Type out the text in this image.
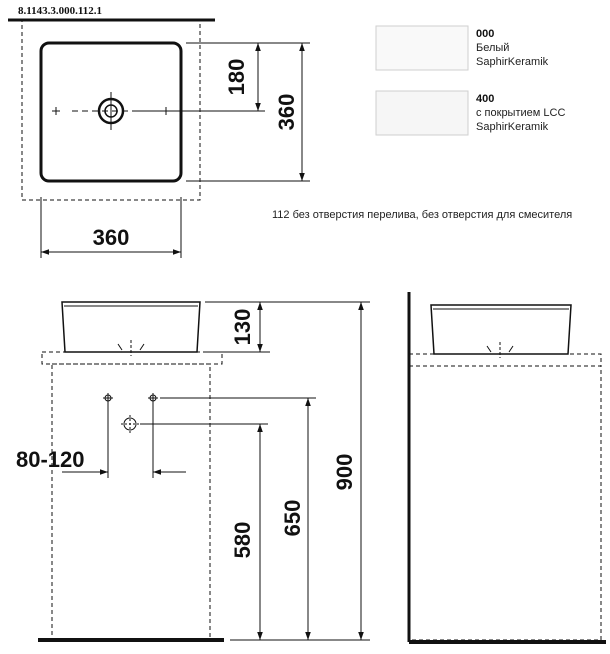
8.1143.3.000.112.1
360
180
360
000
Белый
SaphirKeramik
400
с покрытием LCC
SaphirKeramik
112 без отверстия перелива, без отверстия для смесителя
80-120
130
580
650
900
